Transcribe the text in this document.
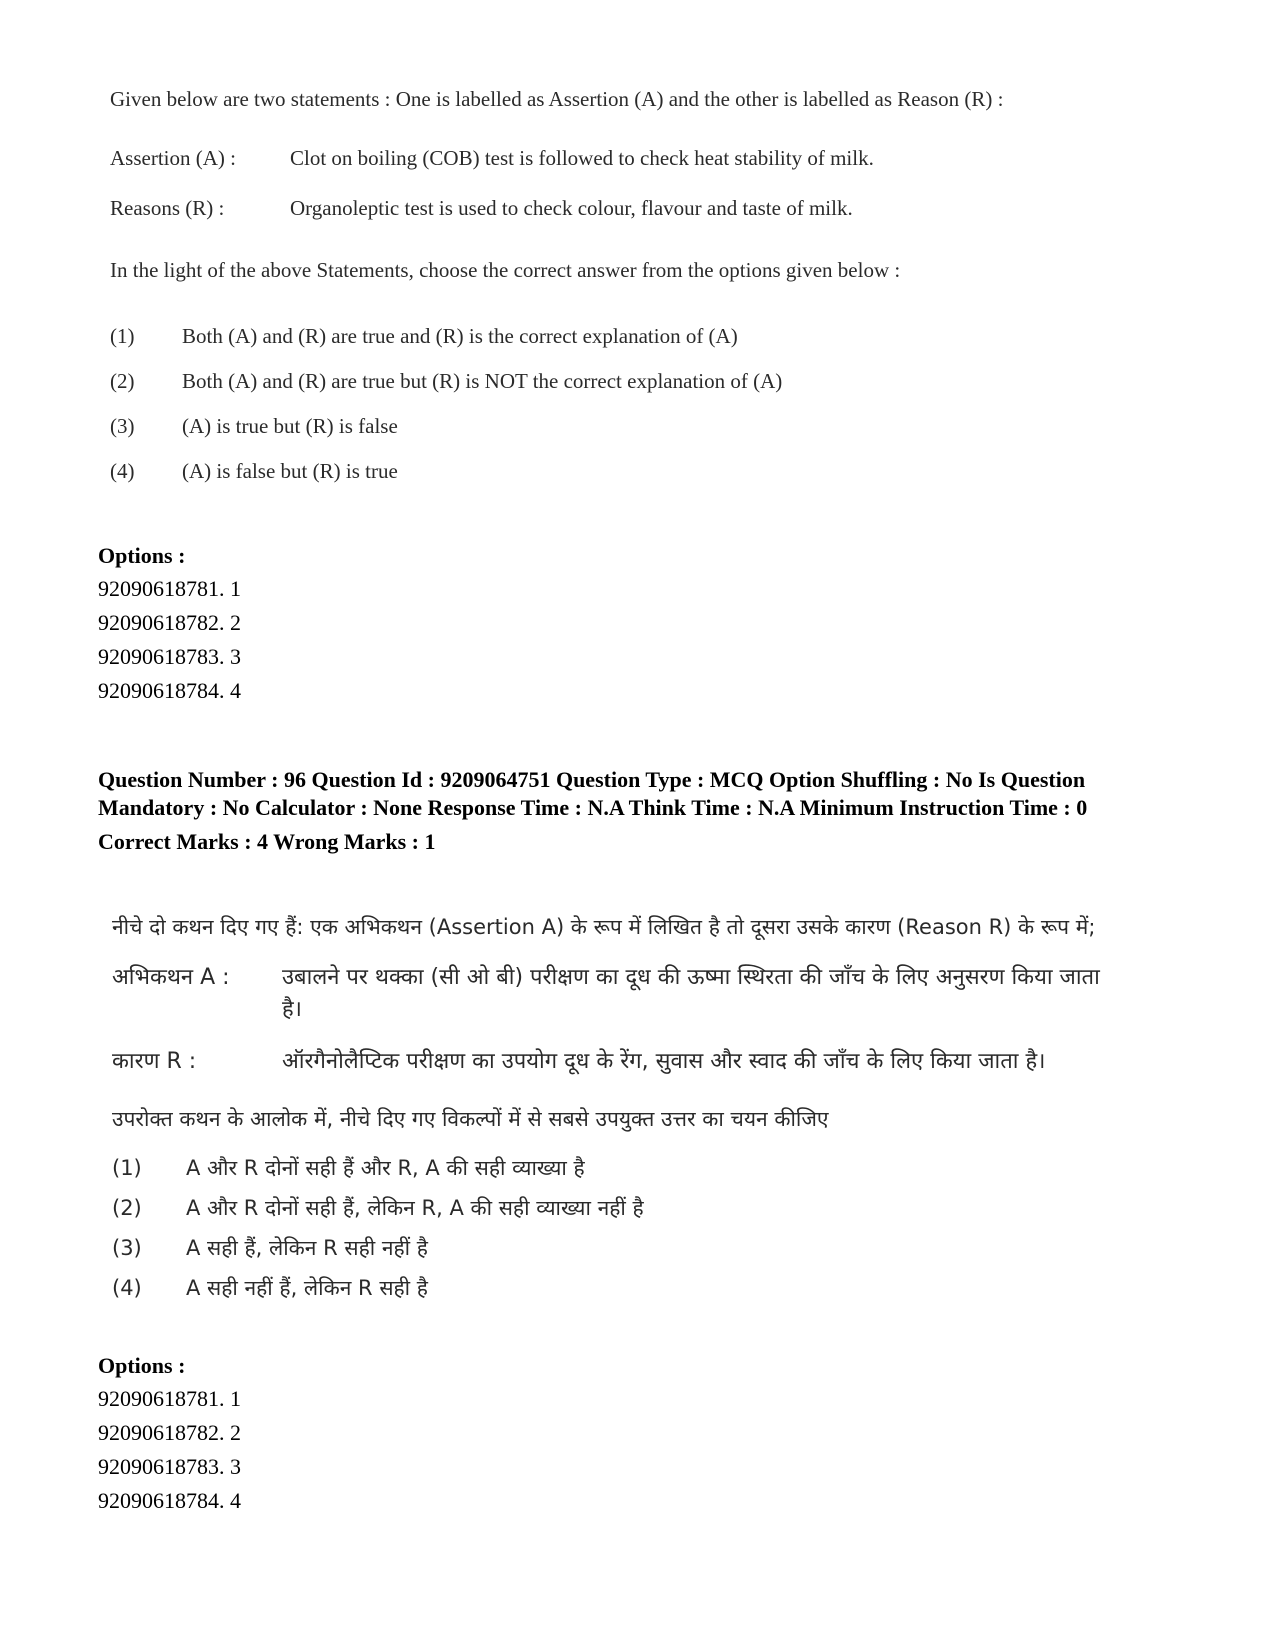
Given below are two statements : One is labelled as Assertion (A) and the other is labelled as Reason (R) :

Assertion (A) :	Clot on boiling (COB) test is followed to check heat stability of milk.
Reasons (R) :	Organoleptic test is used to check colour, flavour and taste of milk.
In the light of the above Statements, choose the correct answer from the options given below :
(1)	Both (A) and (R) are true and (R) is the correct explanation of (A)
(2)	Both (A) and (R) are true but (R) is NOT the correct explanation of (A)
(3)	(A) is true but (R) is false
(4)	(A) is false but (R) is true
Options :
92090618781. 1
92090618782. 2
92090618783. 3
92090618784. 4
Question Number : 96 Question Id : 9209064751 Question Type : MCQ Option Shuffling : No Is Question Mandatory : No Calculator : None Response Time : N.A Think Time : N.A Minimum Instruction Time : 0
Correct Marks : 4 Wrong Marks : 1
नीचे दो कथन दिए गए हैं: एक अभिकथन (Assertion A) के रूप में लिखित है तो दूसरा उसके कारण (Reason R) के रूप में;
अभिकथन A :	उबालने पर थक्का (सी ओ बी) परीक्षण का दूध की ऊष्मा स्थिरता की जाँच के लिए अनुसरण किया जाता है।
कारण R :	ऑरगैनोलैप्टिक परीक्षण का उपयोग दूध के रेंग, सुवास और स्वाद की जाँच के लिए किया जाता है।
उपरोक्त कथन के आलोक में, नीचे दिए गए विकल्पों में से सबसे उपयुक्त उत्तर का चयन कीजिए
(1)	A और R दोनों सही हैं और R, A की सही व्याख्या है
(2)	A और R दोनों सही हैं, लेकिन R, A की सही व्याख्या नहीं है
(3)	A सही हैं, लेकिन R सही नहीं है
(4)	A सही नहीं हैं, लेकिन R सही है
Options :
92090618781. 1
92090618782. 2
92090618783. 3
92090618784. 4
